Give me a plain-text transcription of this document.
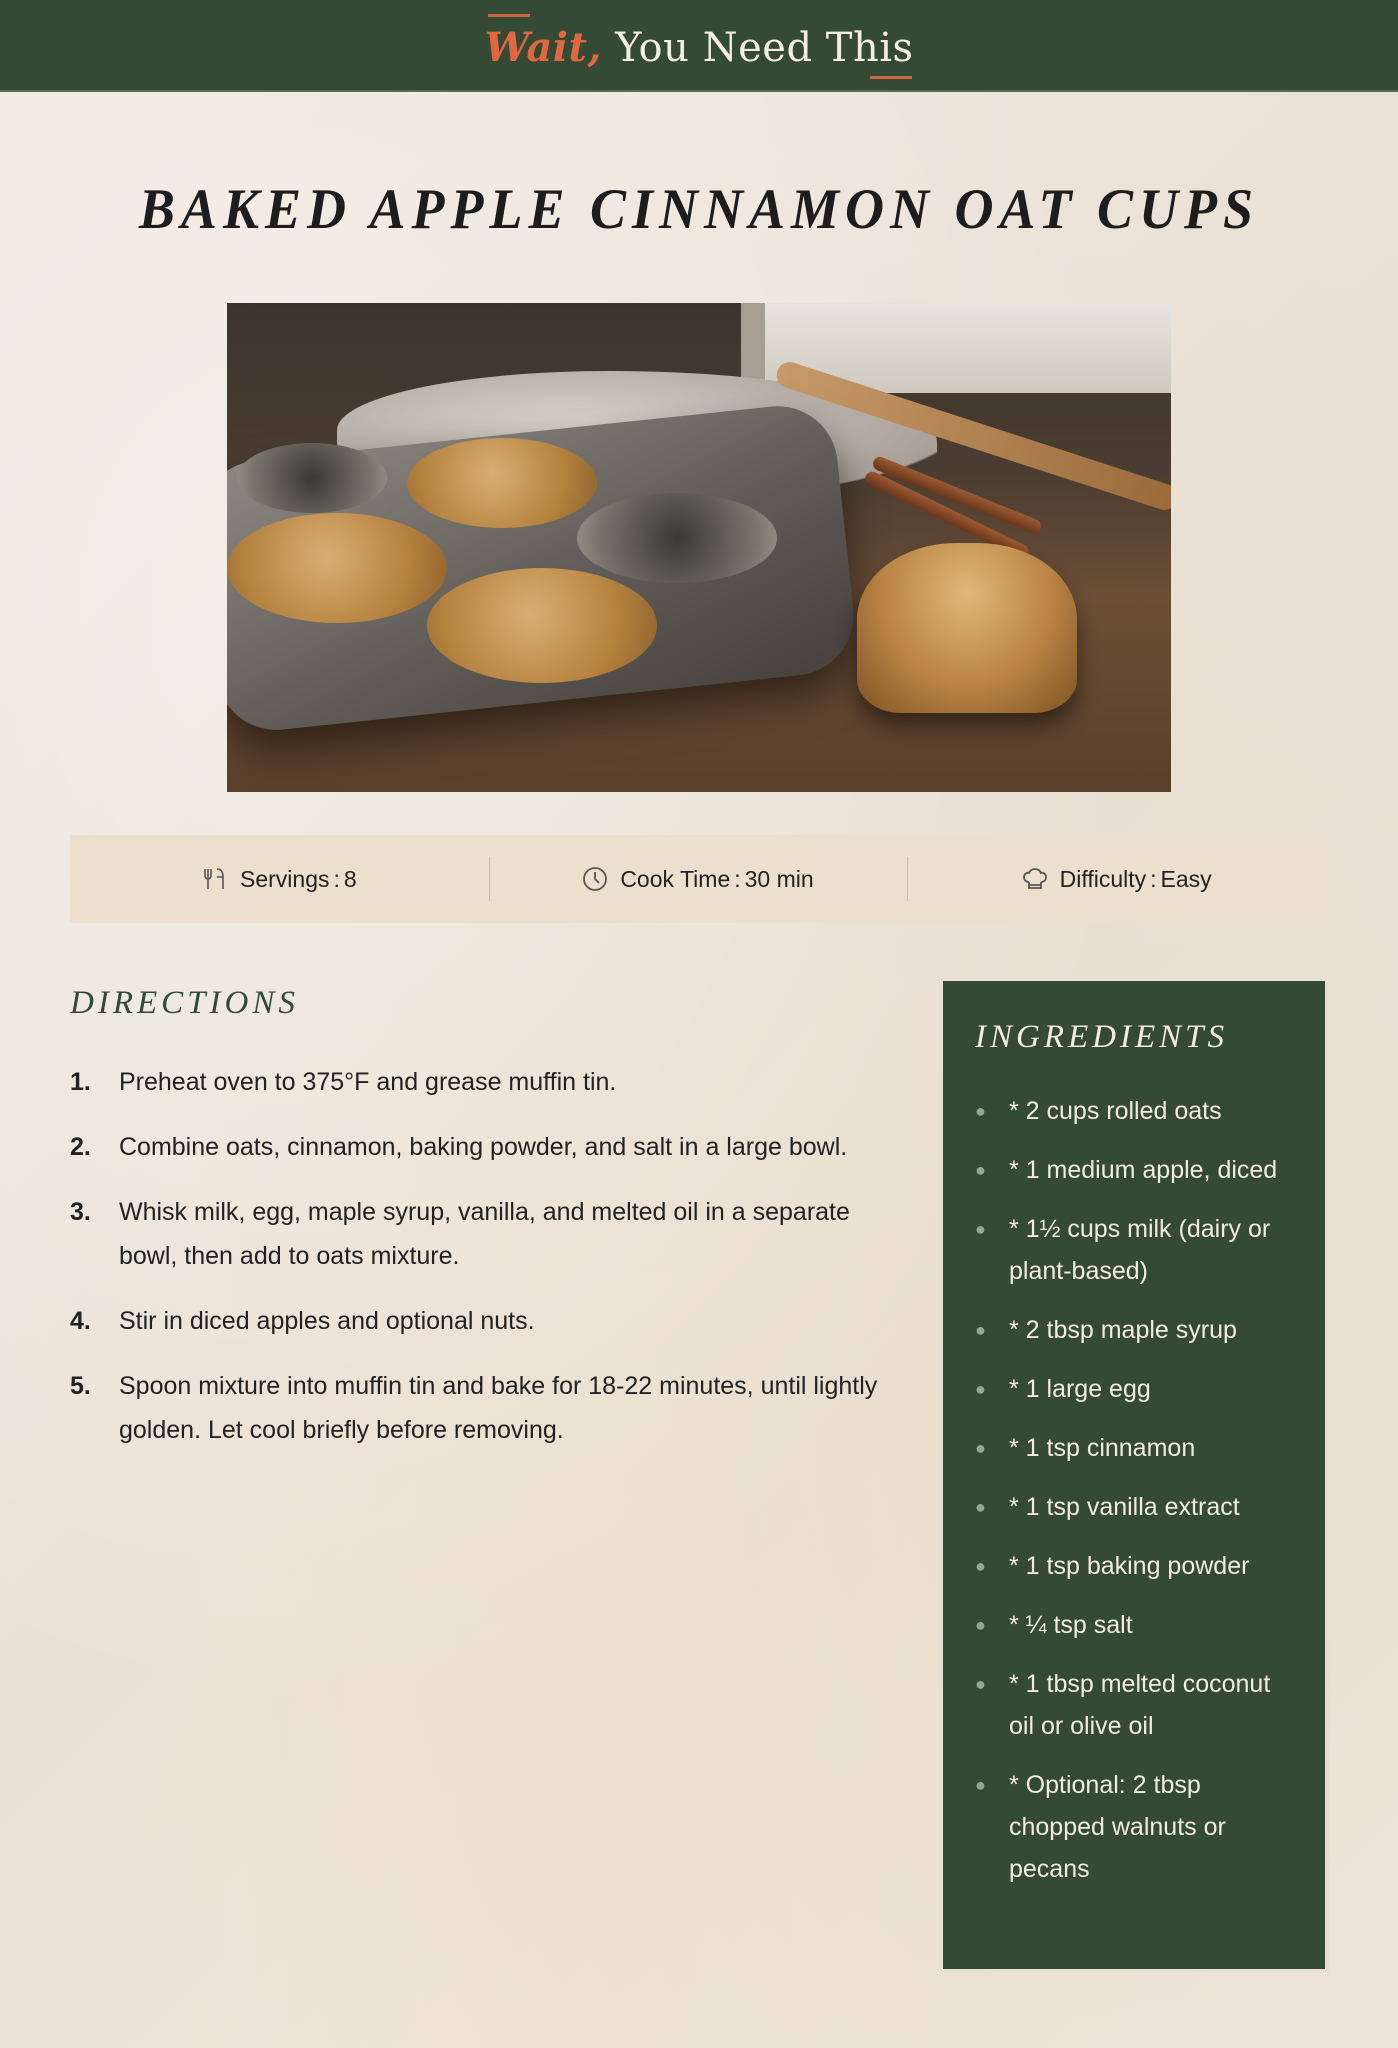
Wait, You Need This
BAKED APPLE CINNAMON OAT CUPS
Servings : 8	Cook Time : 30 min	Difficulty : Easy
DIRECTIONS
1.	Preheat oven to 375°F and grease muffin tin.
2.	Combine oats, cinnamon, baking powder, and salt in a large bowl.
3.	Whisk milk, egg, maple syrup, vanilla, and melted oil in a separate bowl, then add to oats mixture.
4.	Stir in diced apples and optional nuts.
5.	Spoon mixture into muffin tin and bake for 18-22 minutes, until lightly golden. Let cool briefly before removing.
INGREDIENTS
● * 2 cups rolled oats
● * 1 medium apple, diced
● * 1½ cups milk (dairy or plant-based)
● * 2 tbsp maple syrup
● * 1 large egg
● * 1 tsp cinnamon
● * 1 tsp vanilla extract
● * 1 tsp baking powder
● * ¼ tsp salt
● * 1 tbsp melted coconut oil or olive oil
● * Optional: 2 tbsp chopped walnuts or pecans
